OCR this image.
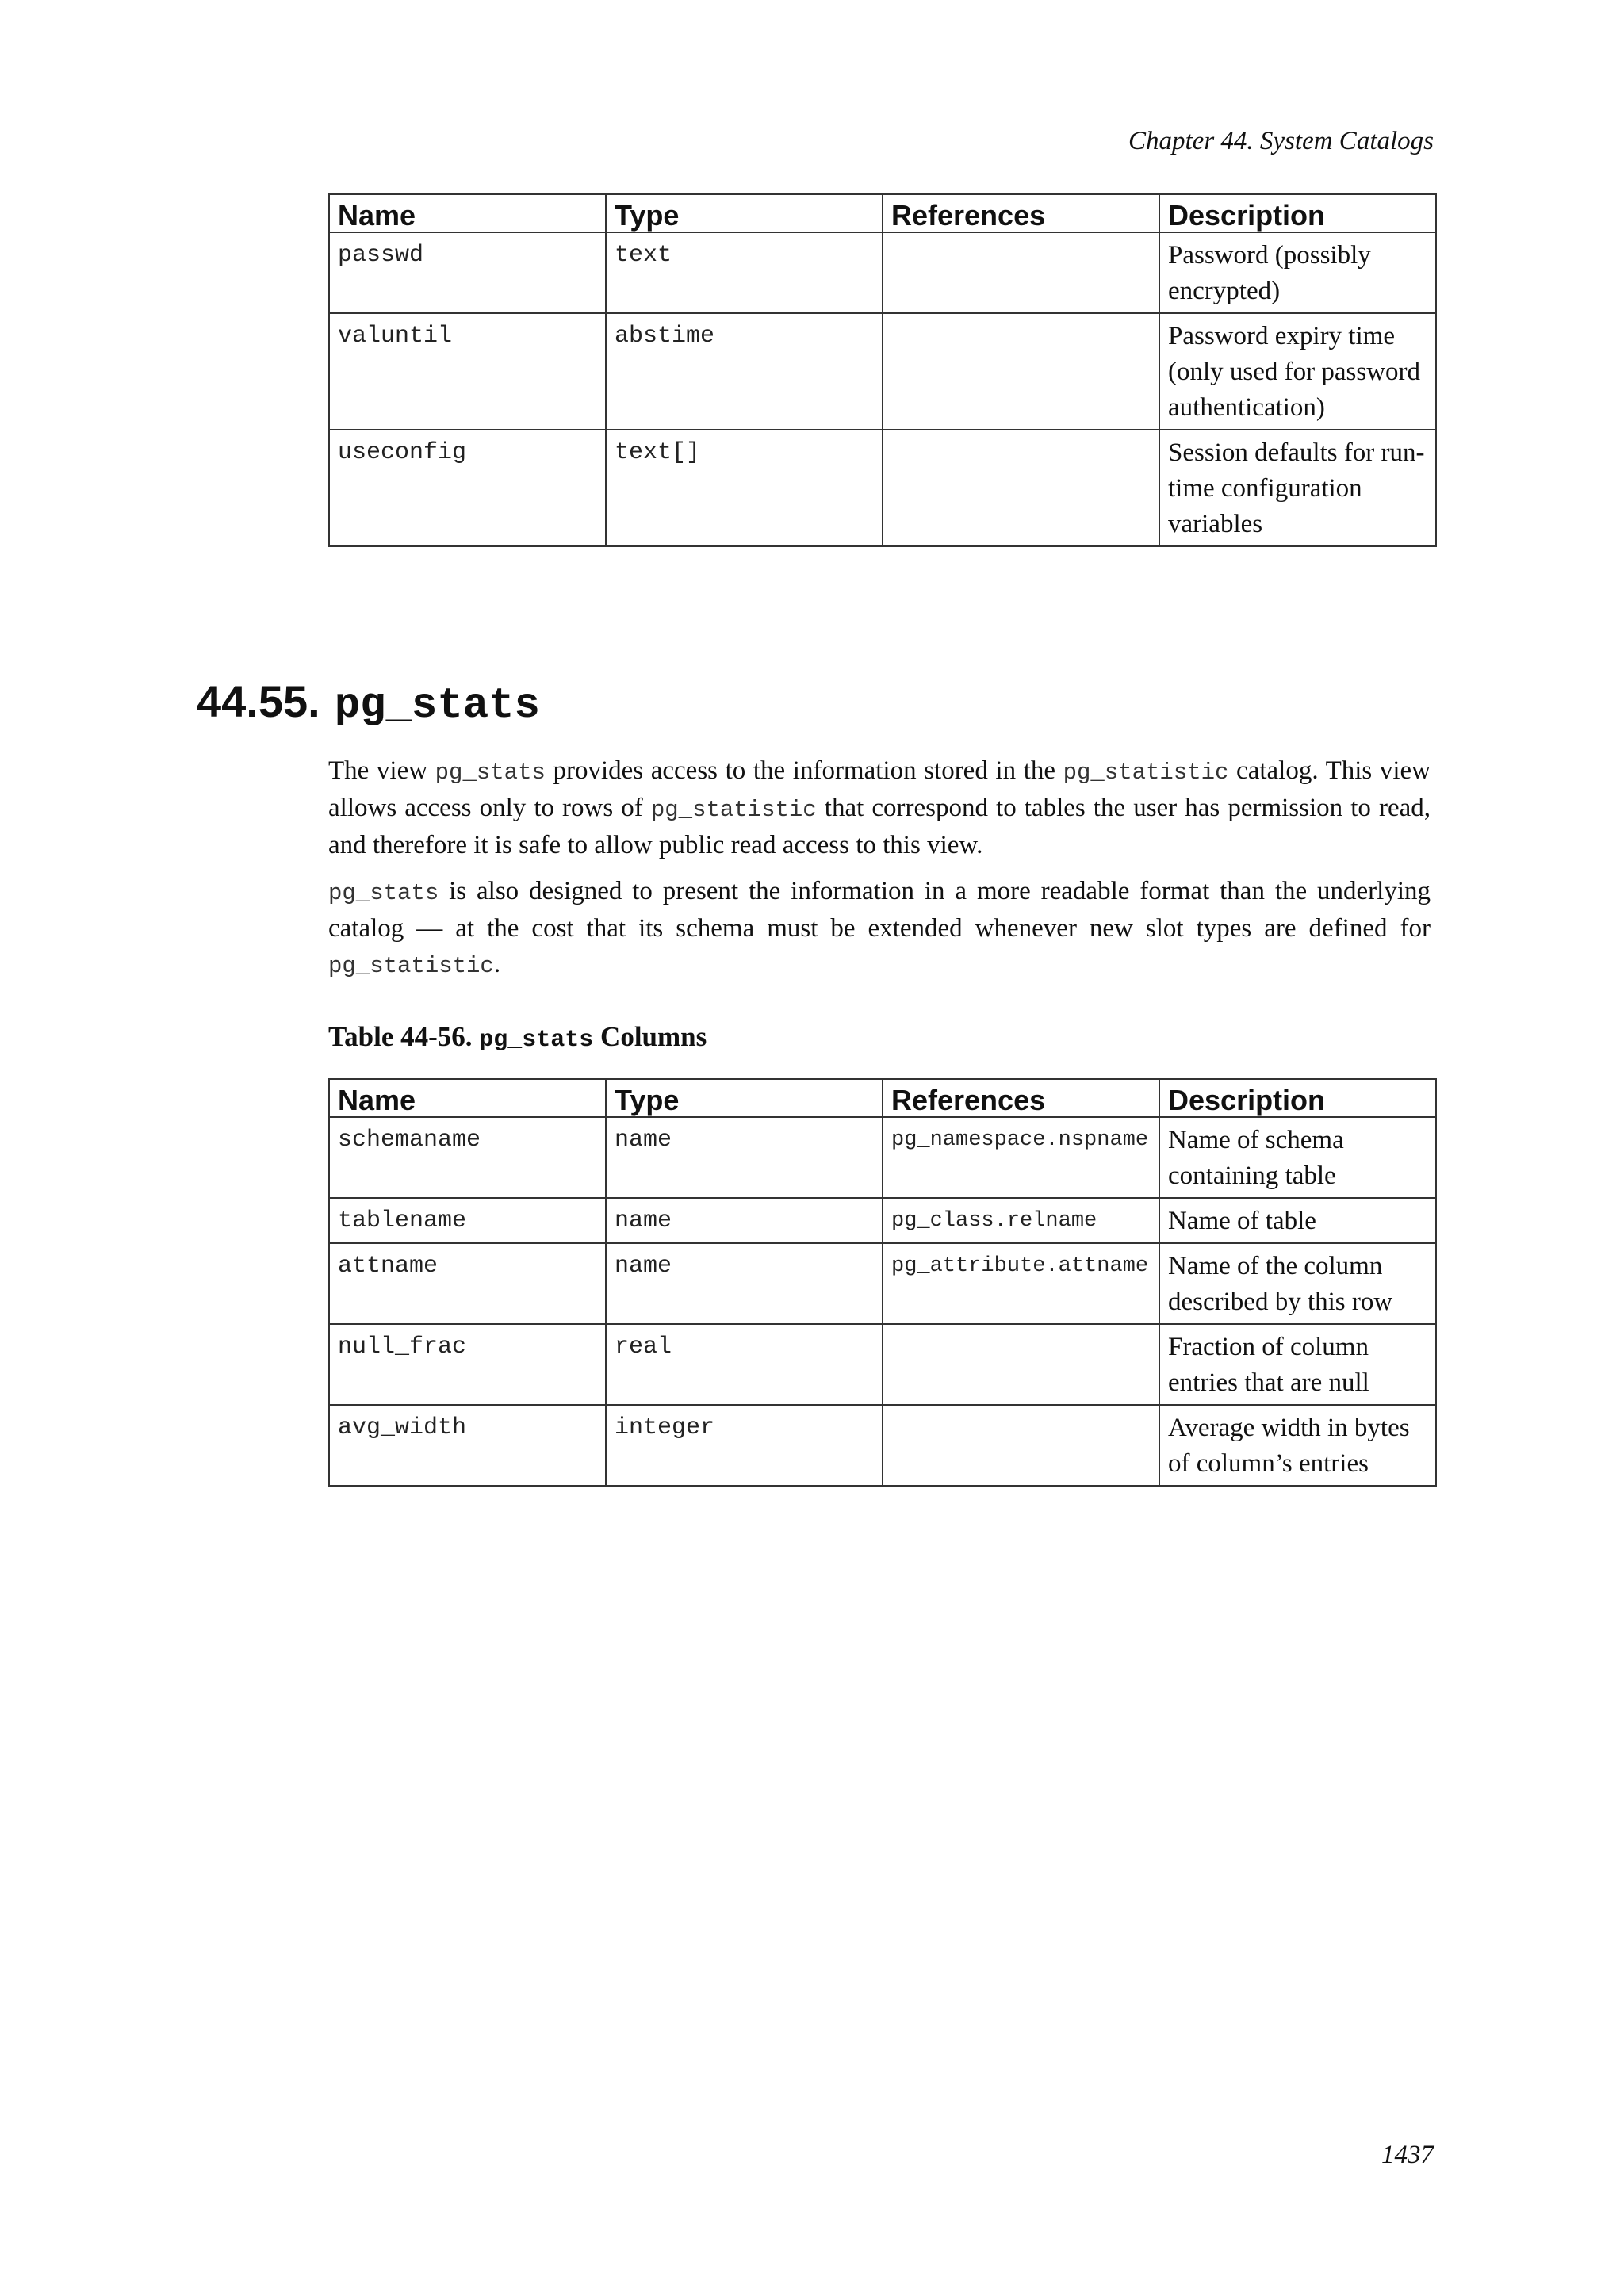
Chapter 44. System Catalogs
Name	Type	References	Description
passwd	text		Password (possibly encrypted)
valuntil	abstime		Password expiry time (only used for password authentication)
useconfig	text[]		Session defaults for run-time configuration variables
44.55. pg_stats

The view pg_stats provides access to the information stored in the pg_statistic catalog. This view allows access only to rows of pg_statistic that correspond to tables the user has permission to read, and therefore it is safe to allow public read access to this view.

pg_stats is also designed to present the information in a more readable format than the underlying catalog — at the cost that its schema must be extended whenever new slot types are defined for pg_statistic.

Table 44-56. pg_stats Columns
Name	Type	References	Description
schemaname	name	pg_namespace.nspname	Name of schema containing table
tablename	name	pg_class.relname	Name of table
attname	name	pg_attribute.attname	Name of the column described by this row
null_frac	real		Fraction of column entries that are null
avg_width	integer		Average width in bytes of column’s entries
1437
